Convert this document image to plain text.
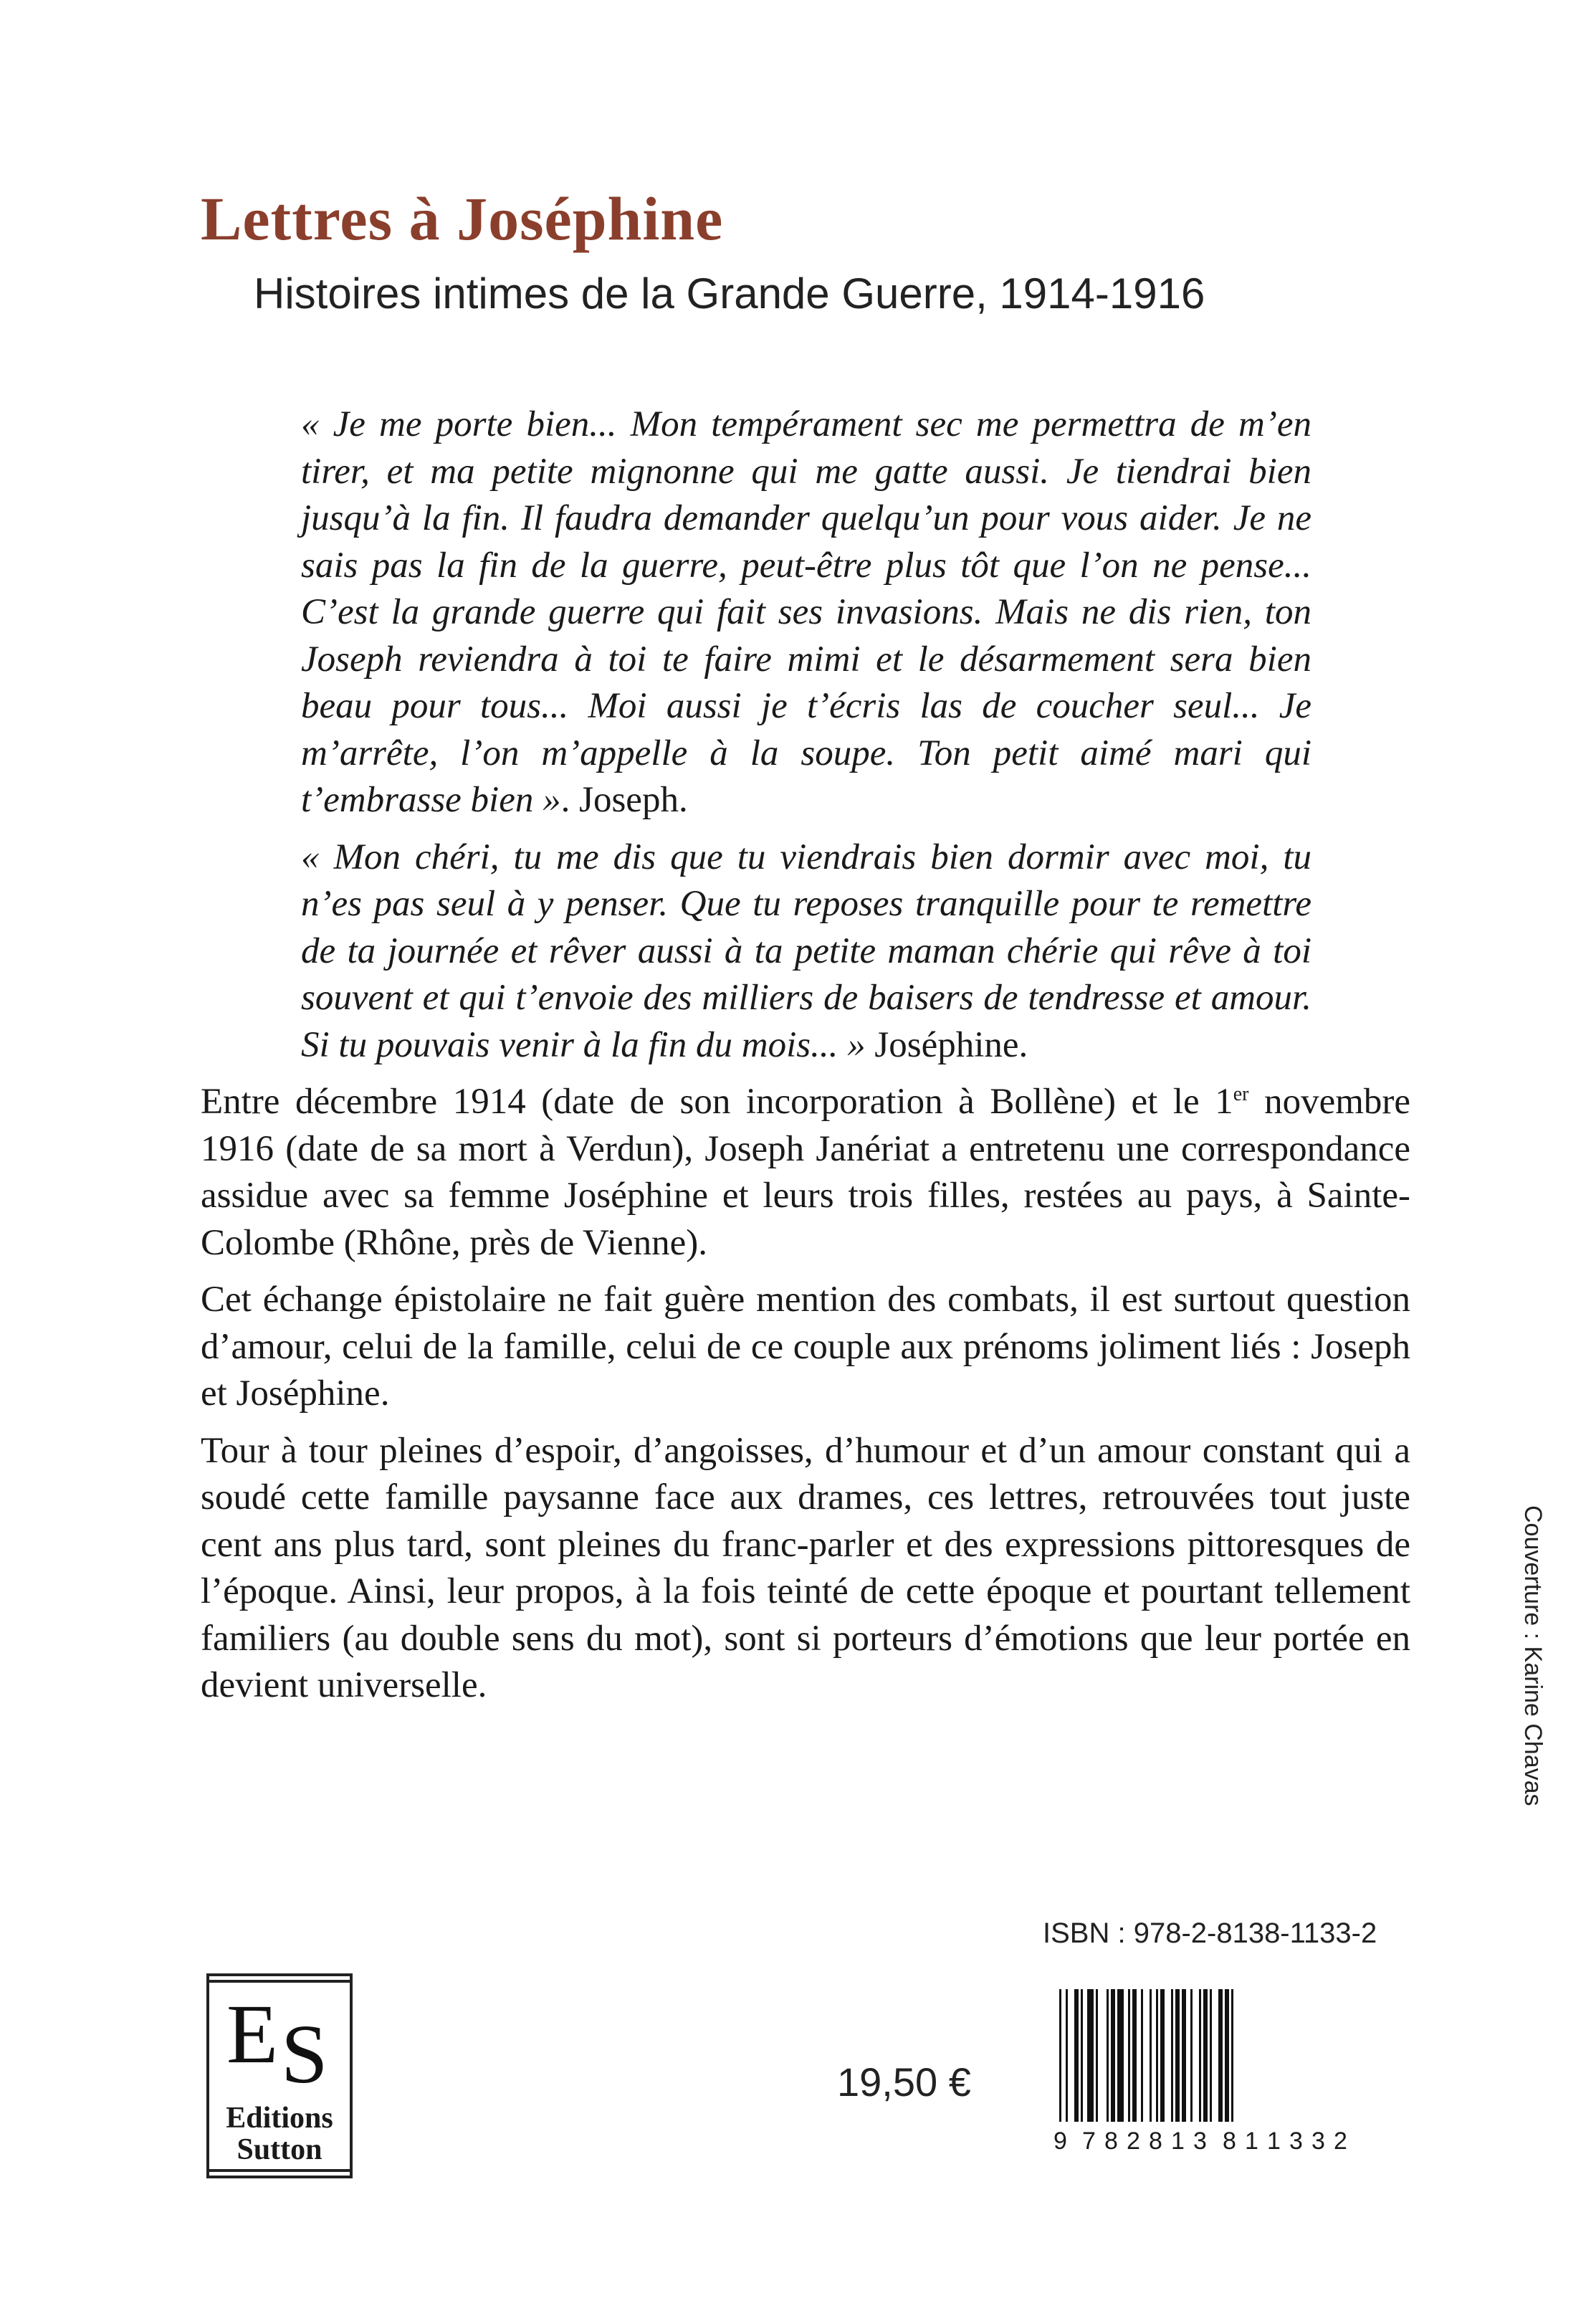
Lettres à Joséphine
Histoires intimes de la Grande Guerre, 1914-1916

« Je me porte bien... Mon tempérament sec me permettra de m’en tirer, et ma petite mignonne qui me gatte aussi. Je tiendrai bien jusqu’à la fin. Il faudra demander quelqu’un pour vous aider. Je ne sais pas la fin de la guerre, peut-être plus tôt que l’on ne pense... C’est la grande guerre qui fait ses invasions. Mais ne dis rien, ton Joseph reviendra à toi te faire mimi et le désarmement sera bien beau pour tous... Moi aussi je t’écris las de coucher seul... Je m’arrête, l’on m’appelle à la soupe. Ton petit aimé mari qui t’embrasse bien ». Joseph.

« Mon chéri, tu me dis que tu viendrais bien dormir avec moi, tu n’es pas seul à y penser. Que tu reposes tranquille pour te remettre de ta journée et rêver aussi à ta petite maman chérie qui rêve à toi souvent et qui t’envoie des milliers de baisers de tendresse et amour. Si tu pouvais venir à la fin du mois... » Joséphine.

Entre décembre 1914 (date de son incorporation à Bollène) et le 1er novembre 1916 (date de sa mort à Verdun), Joseph Janériat a entretenu une correspondance assidue avec sa femme Joséphine et leurs trois filles, restées au pays, à Sainte-Colombe (Rhône, près de Vienne).

Cet échange épistolaire ne fait guère mention des combats, il est surtout question d’amour, celui de la famille, celui de ce couple aux prénoms joliment liés : Joseph et Joséphine.

Tour à tour pleines d’espoir, d’angoisses, d’humour et d’un amour constant qui a soudé cette famille paysanne face aux drames, ces lettres, retrouvées tout juste cent ans plus tard, sont pleines du franc-parler et des expressions pittoresques de l’époque. Ainsi, leur propos, à la fois teinté de cette époque et pourtant tellement familiers (au double sens du mot), sont si porteurs d’émotions que leur portée en devient universelle.	Couverture : Karine Chavas
ISBN : 978-2-8138-1133-2
E S
Editions
Sutton
19,50 €
9 7 8 2 8 1 3 8 1 1 3 3 2
